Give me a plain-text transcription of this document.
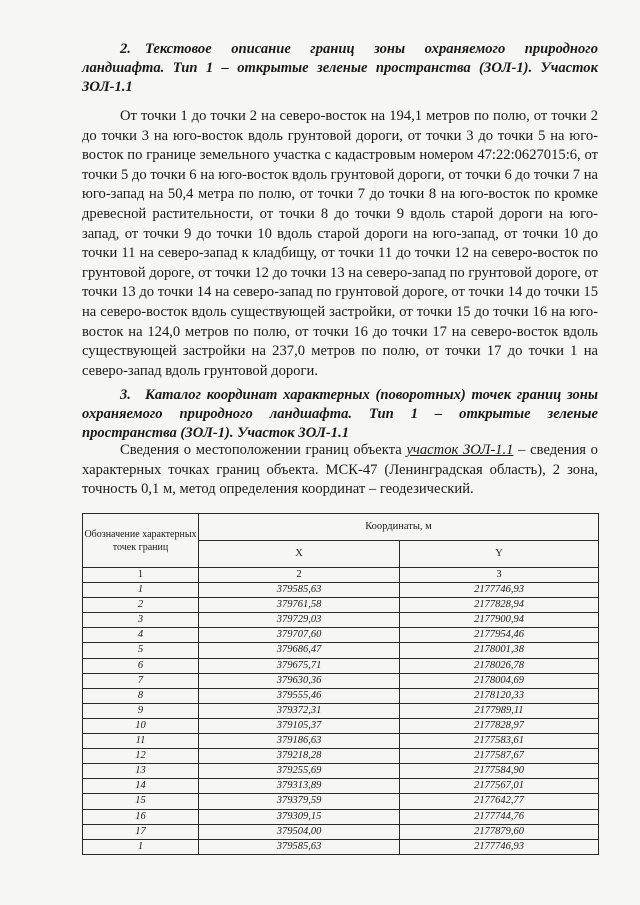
2. Текстовое описание границ зоны охраняемого природного ландшафта. Тип 1 – открытые зеленые пространства (ЗОЛ-1). Участок ЗОЛ-1.1
От точки 1 до точки 2 на северо-восток на 194,1 метров по полю, от точки 2 до точки 3 на юго-восток вдоль грунтовой дороги, от точки 3 до точки 5 на юго-восток по границе земельного участка с кадастровым номером 47:22:0627015:6, от точки 5 до точки 6 на юго-восток вдоль грунтовой дороги, от точки 6 до точки 7 на юго-запад на 50,4 метра по полю, от точки 7 до точки 8 на юго-восток по кромке древесной растительности, от точки 8 до точки 9 вдоль старой дороги на юго-запад, от точки 9 до точки 10 вдоль старой дороги на юго-запад, от точки 10 до точки 11 на северо-запад к кладбищу, от точки 11 до точки 12 на северо-восток по грунтовой дороге, от точки 12 до точки 13 на северо-запад по грунтовой дороге, от точки 13 до точки 14 на северо-запад по грунтовой дороге, от точки 14 до точки 15 на северо-восток вдоль существующей застройки, от точки 15 до точки 16 на юго-восток на 124,0 метров по полю, от точки 16 до точки 17 на северо-восток вдоль существующей застройки на 237,0 метров по полю, от точки 17 до точки 1 на северо-запад вдоль грунтовой дороги.
3. Каталог координат характерных (поворотных) точек границ зоны охраняемого природного ландшафта. Тип 1 – открытые зеленые пространства (ЗОЛ-1). Участок ЗОЛ-1.1
Сведения о местоположении границ объекта участок ЗОЛ-1.1 – сведения о характерных точках границ объекта. МСК-47 (Ленинградская область), 2 зона, точность 0,1 м, метод определения координат – геодезический.
Обозначение характерных точек границ	Координаты, м	
	X	Y
1	2	3
1	379585,63	2177746,93
2	379761,58	2177828,94
3	379729,03	2177900,94
4	379707,60	2177954,46
5	379686,47	2178001,38
6	379675,71	2178026,78
7	379630,36	2178004,69
8	379555,46	2178120,33
9	379372,31	2177989,11
10	379105,37	2177828,97
11	379186,63	2177583,61
12	379218,28	2177587,67
13	379255,69	2177584,90
14	379313,89	2177567,01
15	379379,59	2177642,77
16	379309,15	2177744,76
17	379504,00	2177879,60
1	379585,63	2177746,93
